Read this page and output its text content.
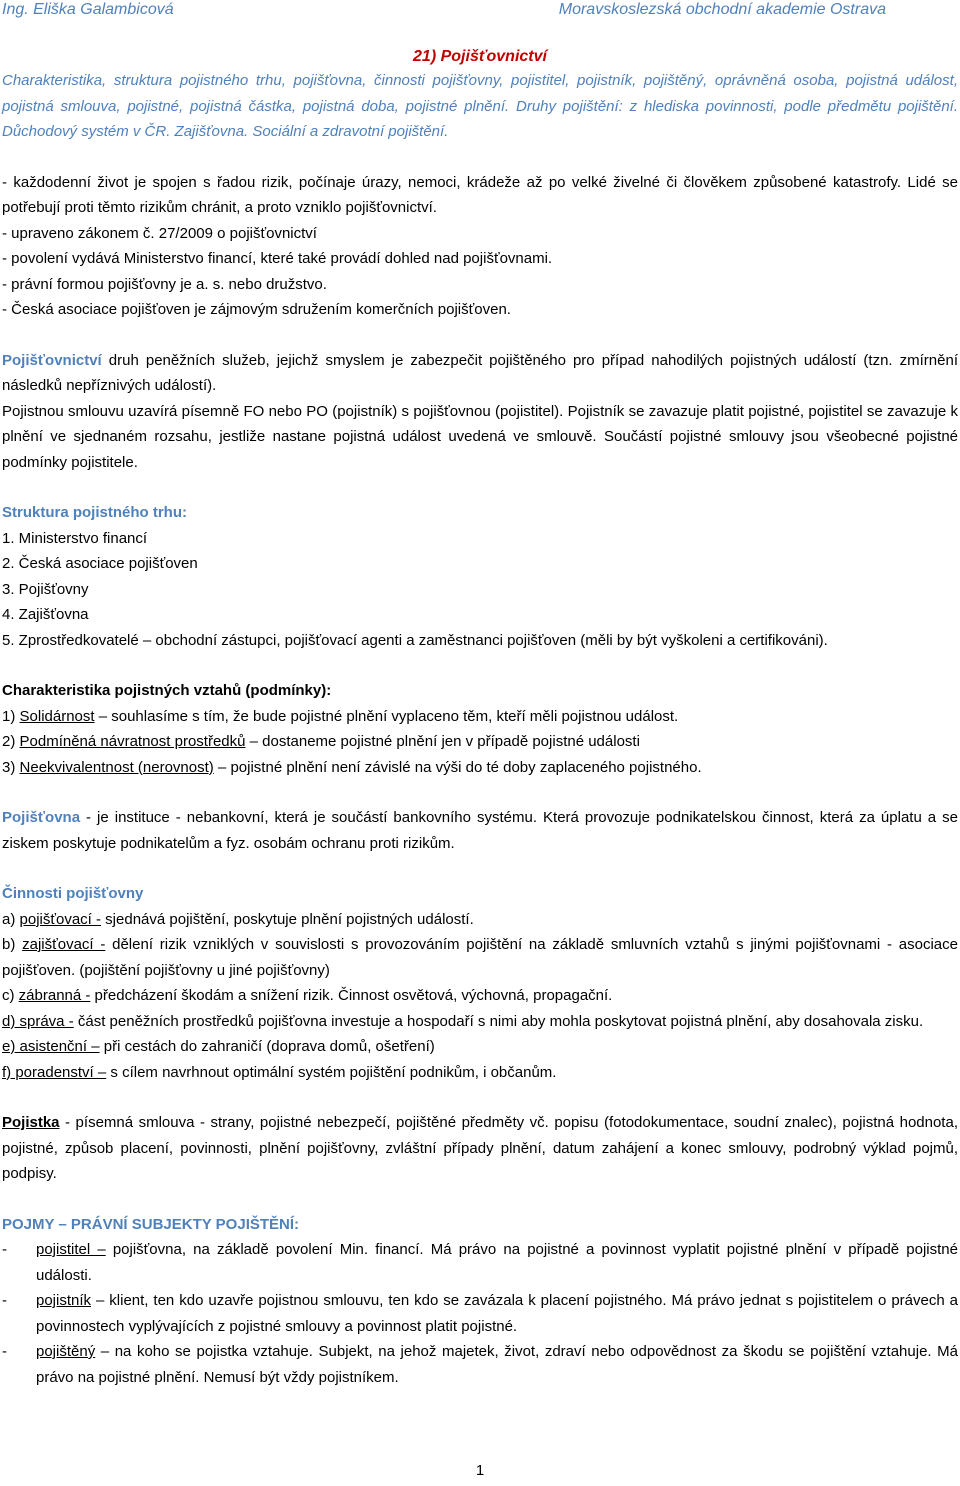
Ing. Eliška Galambicová	Moravskoslezská obchodní akademie Ostrava
21) Pojišťovnictví
Charakteristika, struktura pojistného trhu, pojišťovna, činnosti pojišťovny, pojistitel, pojistník, pojištěný, oprávněná osoba, pojistná událost, pojistná smlouva, pojistné, pojistná částka, pojistná doba, pojistné plnění. Druhy pojištění: z hlediska povinnosti, podle předmětu pojištění. Důchodový systém v ČR. Zajišťovna. Sociální a zdravotní pojištění.

- každodenní život je spojen s řadou rizik, počínaje úrazy, nemoci, krádeže až po velké živelné či člověkem způsobené katastrofy. Lidé se potřebují proti těmto rizikům chránit, a proto vzniklo pojišťovnictví.

- upraveno zákonem č. 27/2009 o pojišťovnictví

- povolení vydává Ministerstvo financí, které také provádí dohled nad pojišťovnami.

- právní formou pojišťovny je a. s. nebo družstvo.

- Česká asociace pojišťoven je zájmovým sdružením komerčních pojišťoven.

Pojišťovnictví druh peněžních služeb, jejichž smyslem je zabezpečit pojištěného pro případ nahodilých pojistných událostí (tzn. zmírnění následků nepříznivých událostí).

Pojistnou smlouvu uzavírá písemně FO nebo PO (pojistník) s pojišťovnou (pojistitel). Pojistník se zavazuje platit pojistné, pojistitel se zavazuje k plnění ve sjednaném rozsahu, jestliže nastane pojistná událost uvedená ve smlouvě. Součástí pojistné smlouvy jsou všeobecné pojistné podmínky pojistitele.

Struktura pojistného trhu:

1. Ministerstvo financí

2. Česká asociace pojišťoven

3. Pojišťovny

4. Zajišťovna

5. Zprostředkovatelé – obchodní zástupci, pojišťovací agenti a zaměstnanci pojišťoven (měli by být vyškoleni a certifikováni).

Charakteristika pojistných vztahů (podmínky):

1) Solidárnost – souhlasíme s tím, že bude pojistné plnění vyplaceno těm, kteří měli pojistnou událost.

2) Podmíněná návratnost prostředků – dostaneme pojistné plnění jen v případě pojistné události

3) Neekvivalentnost (nerovnost) – pojistné plnění není závislé na výši do té doby zaplaceného pojistného.

Pojišťovna - je instituce - nebankovní, která je součástí bankovního systému. Která provozuje podnikatelskou činnost, která za úplatu a se ziskem poskytuje podnikatelům a fyz. osobám ochranu proti rizikům.

Činnosti pojišťovny

a) pojišťovací - sjednává pojištění, poskytuje plnění pojistných událostí.

b) zajišťovací - dělení rizik vzniklých v souvislosti s provozováním pojištění na základě smluvních vztahů s jinými pojišťovnami - asociace pojišťoven. (pojištění pojišťovny u jiné pojišťovny)

c) zábranná - předcházení škodám a snížení rizik. Činnost osvětová, výchovná, propagační.

d) správa - část peněžních prostředků pojišťovna investuje a hospodaří s nimi aby mohla poskytovat pojistná plnění, aby dosahovala zisku.

e) asistenční – při cestách do zahraničí (doprava domů, ošetření)

f) poradenství – s cílem navrhnout optimální systém pojištění podnikům, i občanům.

Pojistka - písemná smlouva - strany, pojistné nebezpečí, pojištěné předměty vč. popisu (fotodokumentace, soudní znalec), pojistná hodnota, pojistné, způsob placení, povinnosti, plnění pojišťovny, zvláštní případy plnění, datum zahájení a konec smlouvy, podrobný výklad pojmů, podpisy.

POJMY – PRÁVNÍ SUBJEKTY POJIŠTĚNÍ:
-	pojistitel – pojišťovna, na základě povolení Min. financí. Má právo na pojistné a povinnost vyplatit pojistné plnění v případě pojistné události.
-	pojistník – klient, ten kdo uzavře pojistnou smlouvu, ten kdo se zavázala k placení pojistného. Má právo jednat s pojistitelem o právech a povinnostech vyplývajících z pojistné smlouvy a povinnost platit pojistné.
-	pojištěný – na koho se pojistka vztahuje. Subjekt, na jehož majetek, život, zdraví nebo odpovědnost za škodu se pojištění vztahuje. Má právo na pojistné plnění. Nemusí být vždy pojistníkem.
1
